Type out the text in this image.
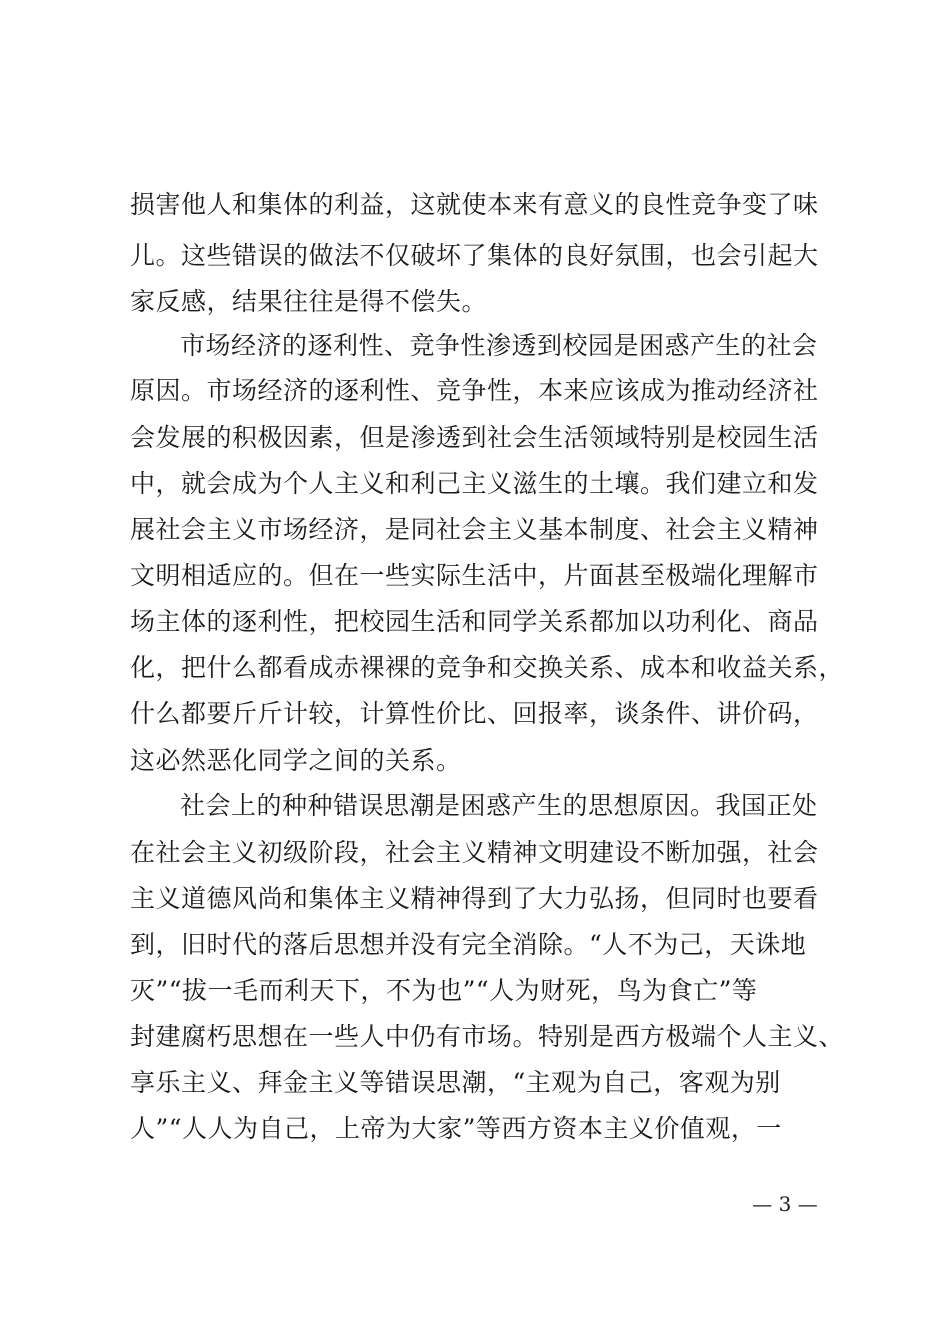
损害他人和集体的利益，这就使本来有意义的良性竞争变了味
儿。这些错误的做法不仅破坏了集体的良好氛围，也会引起大
家反感，结果往往是得不偿失。
市场经济的逐利性、竞争性渗透到校园是困惑产生的社会
原因。市场经济的逐利性、竞争性，本来应该成为推动经济社
会发展的积极因素，但是渗透到社会生活领域特别是校园生活
中，就会成为个人主义和利己主义滋生的土壤。我们建立和发
展社会主义市场经济，是同社会主义基本制度、社会主义精神
文明相适应的。但在一些实际生活中，片面甚至极端化理解市
场主体的逐利性，把校园生活和同学关系都加以功利化、商品
化，把什么都看成赤裸裸的竞争和交换关系、成本和收益关系，
什么都要斤斤计较，计算性价比、回报率，谈条件、讲价码，
这必然恶化同学之间的关系。
社会上的种种错误思潮是困惑产生的思想原因。我国正处
在社会主义初级阶段，社会主义精神文明建设不断加强，社会
主义道德风尚和集体主义精神得到了大力弘扬，但同时也要看
到，旧时代的落后思想并没有完全消除。“人不为己，天诛地
灭”“拔一毛而利天下，不为也”“人为财死，鸟为食亡”等
封建腐朽思想在一些人中仍有市场。特别是西方极端个人主义、
享乐主义、拜金主义等错误思潮，“主观为自己，客观为别
人”“人人为自己，上帝为大家”等西方资本主义价值观，一
— 3 —
